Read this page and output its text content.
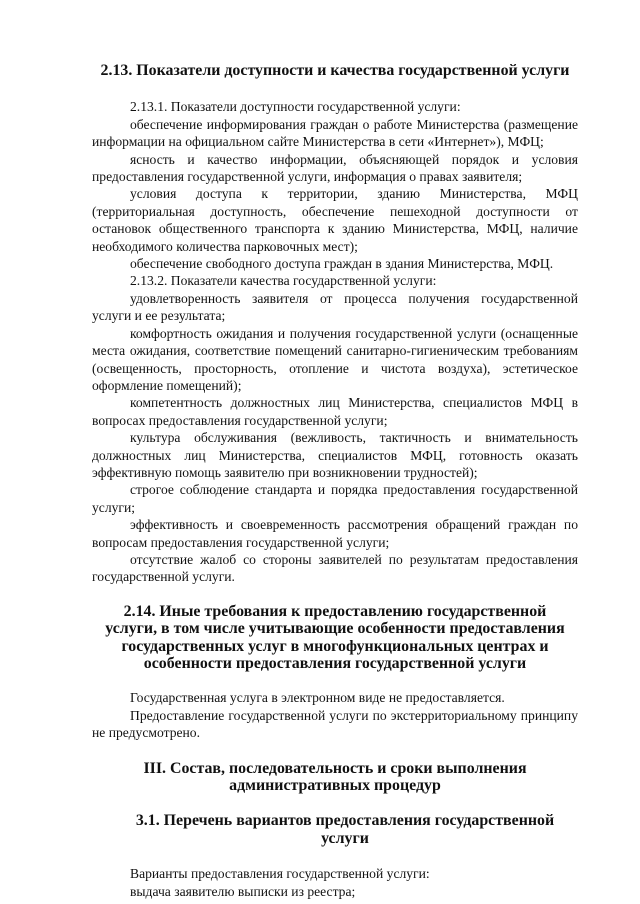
2.13. Показатели доступности и качества государственной услуги

2.13.1. Показатели доступности государственной услуги:

обеспечение информирования граждан о работе Министерства (размещение информации на официальном сайте Министерства в сети «Интернет»), МФЦ;

ясность и качество информации, объясняющей порядок и условия предоставления государственной услуги, информация о правах заявителя;

условия доступа к территории, зданию Министерства, МФЦ (территориальная доступность, обеспечение пешеходной доступности от остановок общественного транспорта к зданию Министерства, МФЦ, наличие необходимого количества парковочных мест);

обеспечение свободного доступа граждан в здания Министерства, МФЦ.

2.13.2. Показатели качества государственной услуги:

удовлетворенность заявителя от процесса получения государственной услуги и ее результата;

комфортность ожидания и получения государственной услуги (оснащенные места ожидания, соответствие помещений санитарно-гигиеническим требованиям (освещенность, просторность, отопление и чистота воздуха), эстетическое оформление помещений);

компетентность должностных лиц Министерства, специалистов МФЦ в вопросах предоставления государственной услуги;

культура обслуживания (вежливость, тактичность и внимательность должностных лиц Министерства, специалистов МФЦ, готовность оказать эффективную помощь заявителю при возникновении трудностей);

строгое соблюдение стандарта и порядка предоставления государственной услуги;

эффективность и своевременность рассмотрения обращений граждан по вопросам предоставления государственной услуги;

отсутствие жалоб со стороны заявителей по результатам предоставления государственной услуги.

2.14. Иные требования к предоставлению государственной услуги, в том числе учитывающие особенности предоставления государственных услуг в многофункциональных центрах и особенности предоставления государственной услуги

Государственная услуга в электронном виде не предоставляется.

Предоставление государственной услуги по экстерриториальному принципу не предусмотрено.

III. Состав, последовательность и сроки выполнения административных процедур
3.1. Перечень вариантов предоставления государственной услуги

Варианты предоставления государственной услуги:

выдача заявителю выписки из реестра;
